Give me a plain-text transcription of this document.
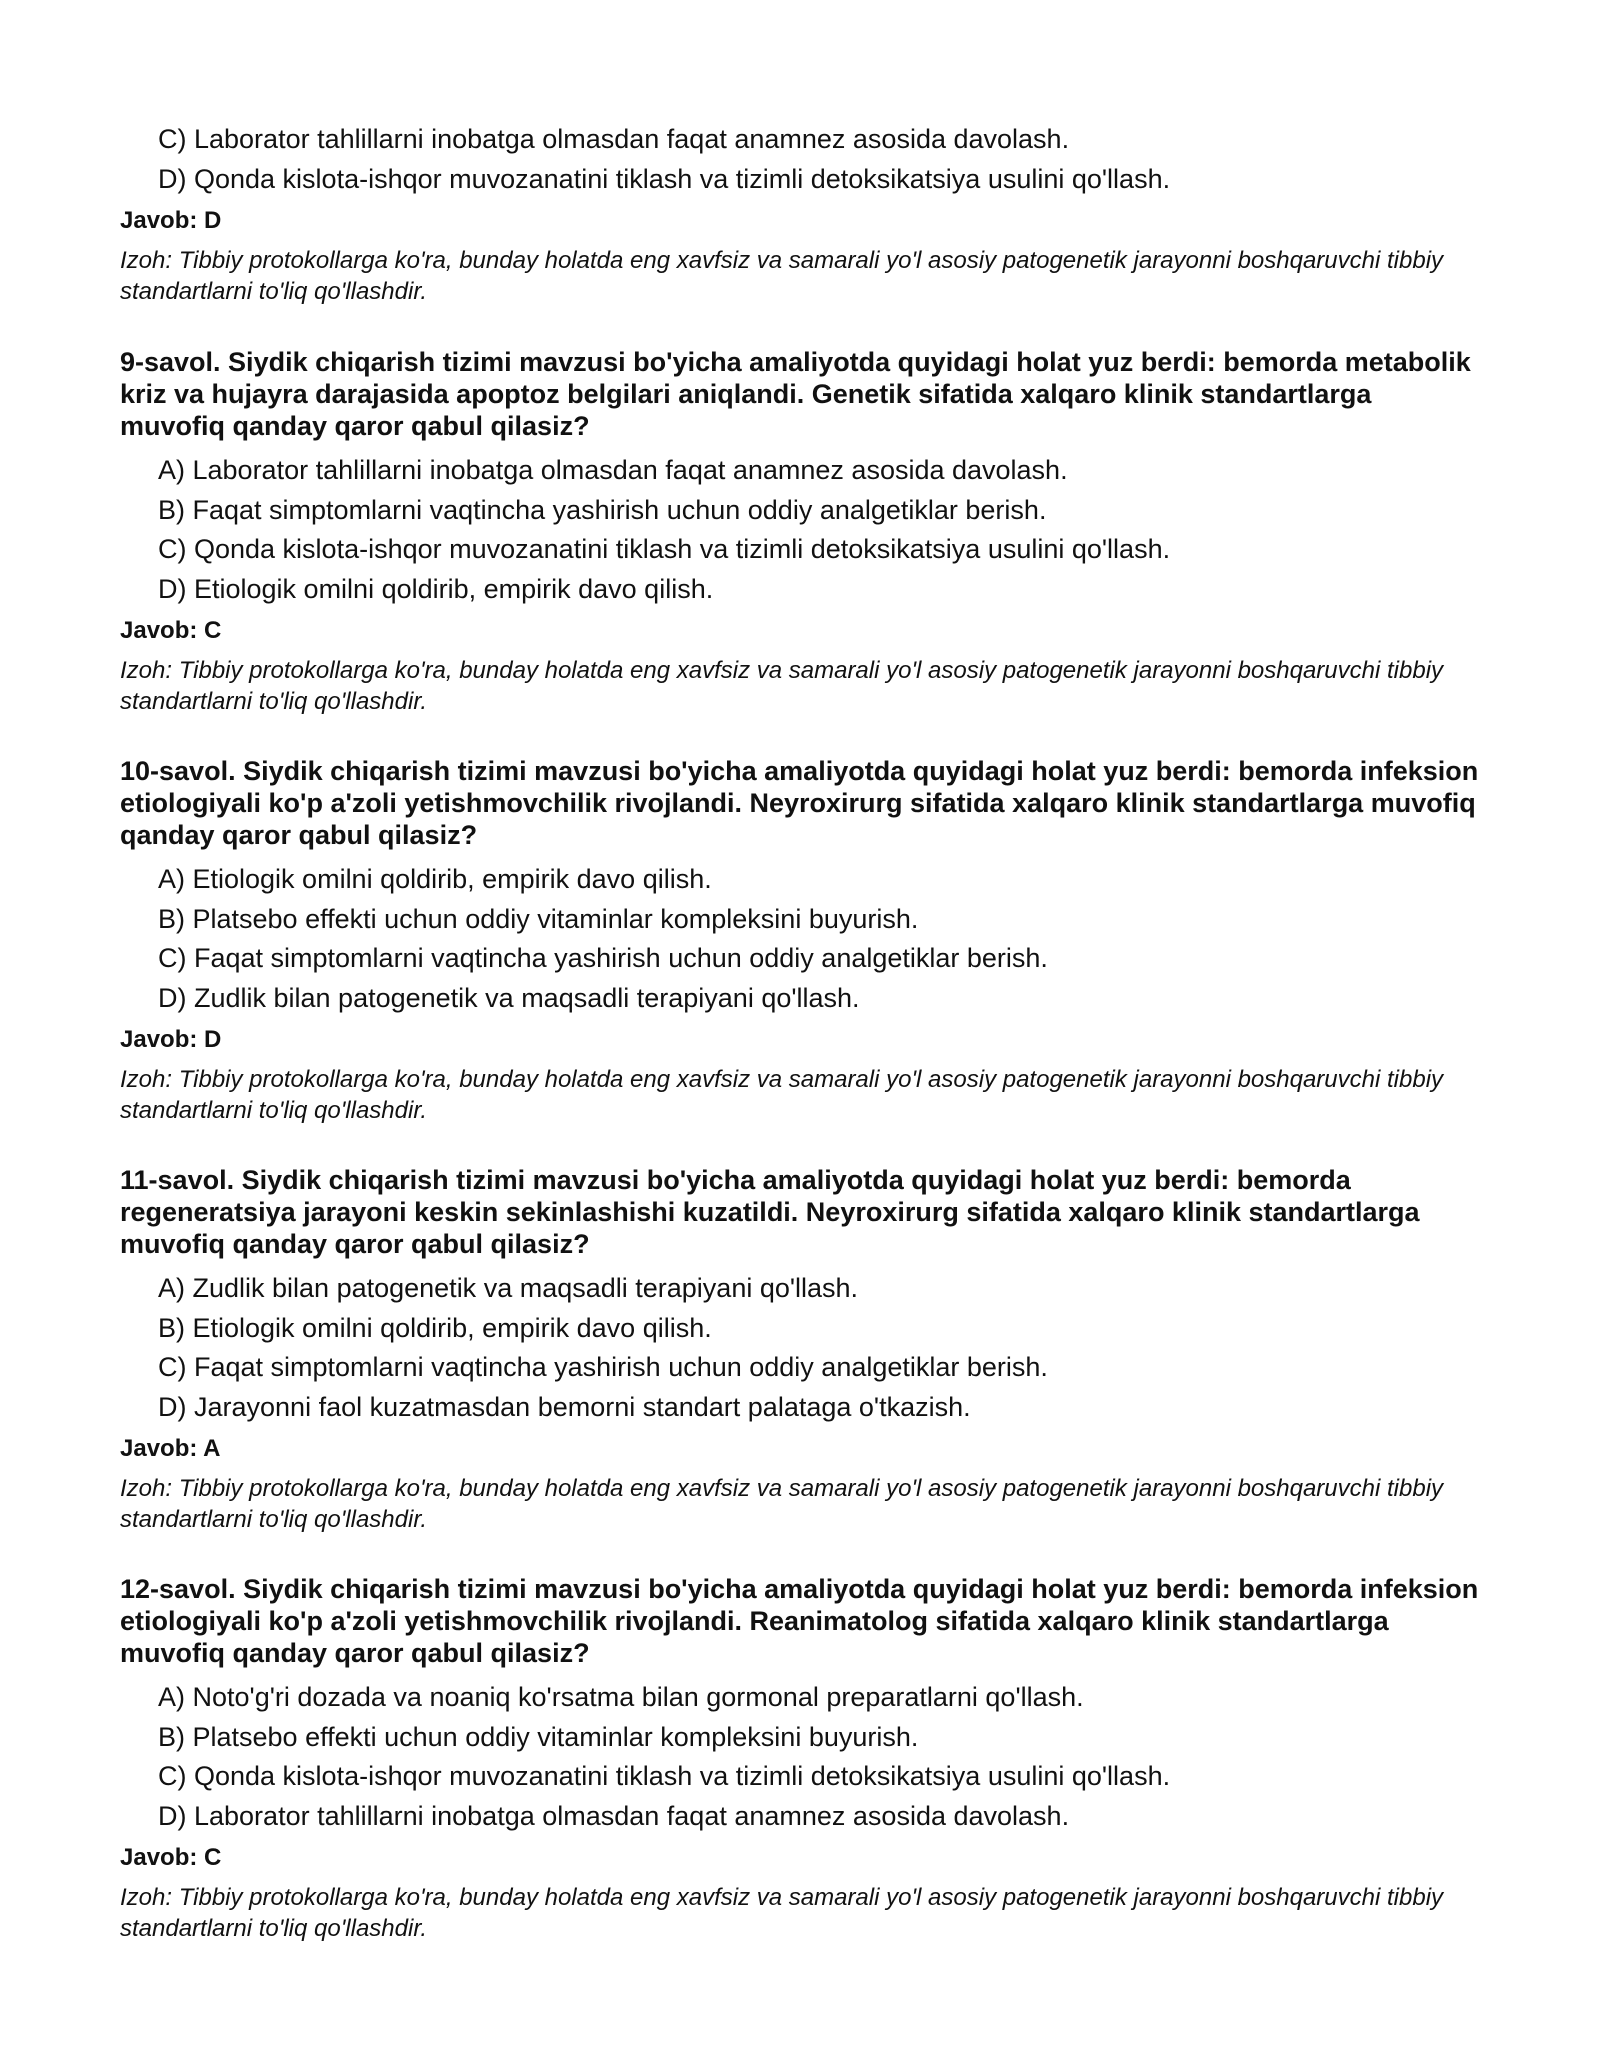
C) Laborator tahlillarni inobatga olmasdan faqat anamnez asosida davolash.
D) Qonda kislota-ishqor muvozanatini tiklash va tizimli detoksikatsiya usulini qo'llash.
Javob: D
Izoh: Tibbiy protokollarga ko'ra, bunday holatda eng xavfsiz va samarali yo'l asosiy patogenetik jarayonni boshqaruvchi tibbiy standartlarni to'liq qo'llashdir.

9-savol. Siydik chiqarish tizimi mavzusi bo'yicha amaliyotda quyidagi holat yuz berdi: bemorda metabolik kriz va hujayra darajasida apoptoz belgilari aniqlandi. Genetik sifatida xalqaro klinik standartlarga muvofiq qanday qaror qabul qilasiz?

A) Laborator tahlillarni inobatga olmasdan faqat anamnez asosida davolash.
B) Faqat simptomlarni vaqtincha yashirish uchun oddiy analgetiklar berish.
C) Qonda kislota-ishqor muvozanatini tiklash va tizimli detoksikatsiya usulini qo'llash.
D) Etiologik omilni qoldirib, empirik davo qilish.
Javob: C
Izoh: Tibbiy protokollarga ko'ra, bunday holatda eng xavfsiz va samarali yo'l asosiy patogenetik jarayonni boshqaruvchi tibbiy standartlarni to'liq qo'llashdir.

10-savol. Siydik chiqarish tizimi mavzusi bo'yicha amaliyotda quyidagi holat yuz berdi: bemorda infeksion etiologiyali ko'p a'zoli yetishmovchilik rivojlandi. Neyroxirurg sifatida xalqaro klinik standartlarga muvofiq qanday qaror qabul qilasiz?

A) Etiologik omilni qoldirib, empirik davo qilish.
B) Platsebo effekti uchun oddiy vitaminlar kompleksini buyurish.
C) Faqat simptomlarni vaqtincha yashirish uchun oddiy analgetiklar berish.
D) Zudlik bilan patogenetik va maqsadli terapiyani qo'llash.
Javob: D
Izoh: Tibbiy protokollarga ko'ra, bunday holatda eng xavfsiz va samarali yo'l asosiy patogenetik jarayonni boshqaruvchi tibbiy standartlarni to'liq qo'llashdir.

11-savol. Siydik chiqarish tizimi mavzusi bo'yicha amaliyotda quyidagi holat yuz berdi: bemorda regeneratsiya jarayoni keskin sekinlashishi kuzatildi. Neyroxirurg sifatida xalqaro klinik standartlarga muvofiq qanday qaror qabul qilasiz?

A) Zudlik bilan patogenetik va maqsadli terapiyani qo'llash.
B) Etiologik omilni qoldirib, empirik davo qilish.
C) Faqat simptomlarni vaqtincha yashirish uchun oddiy analgetiklar berish.
D) Jarayonni faol kuzatmasdan bemorni standart palataga o'tkazish.
Javob: A
Izoh: Tibbiy protokollarga ko'ra, bunday holatda eng xavfsiz va samarali yo'l asosiy patogenetik jarayonni boshqaruvchi tibbiy standartlarni to'liq qo'llashdir.

12-savol. Siydik chiqarish tizimi mavzusi bo'yicha amaliyotda quyidagi holat yuz berdi: bemorda infeksion etiologiyali ko'p a'zoli yetishmovchilik rivojlandi. Reanimatolog sifatida xalqaro klinik standartlarga muvofiq qanday qaror qabul qilasiz?

A) Noto'g'ri dozada va noaniq ko'rsatma bilan gormonal preparatlarni qo'llash.
B) Platsebo effekti uchun oddiy vitaminlar kompleksini buyurish.
C) Qonda kislota-ishqor muvozanatini tiklash va tizimli detoksikatsiya usulini qo'llash.
D) Laborator tahlillarni inobatga olmasdan faqat anamnez asosida davolash.
Javob: C
Izoh: Tibbiy protokollarga ko'ra, bunday holatda eng xavfsiz va samarali yo'l asosiy patogenetik jarayonni boshqaruvchi tibbiy standartlarni to'liq qo'llashdir.
